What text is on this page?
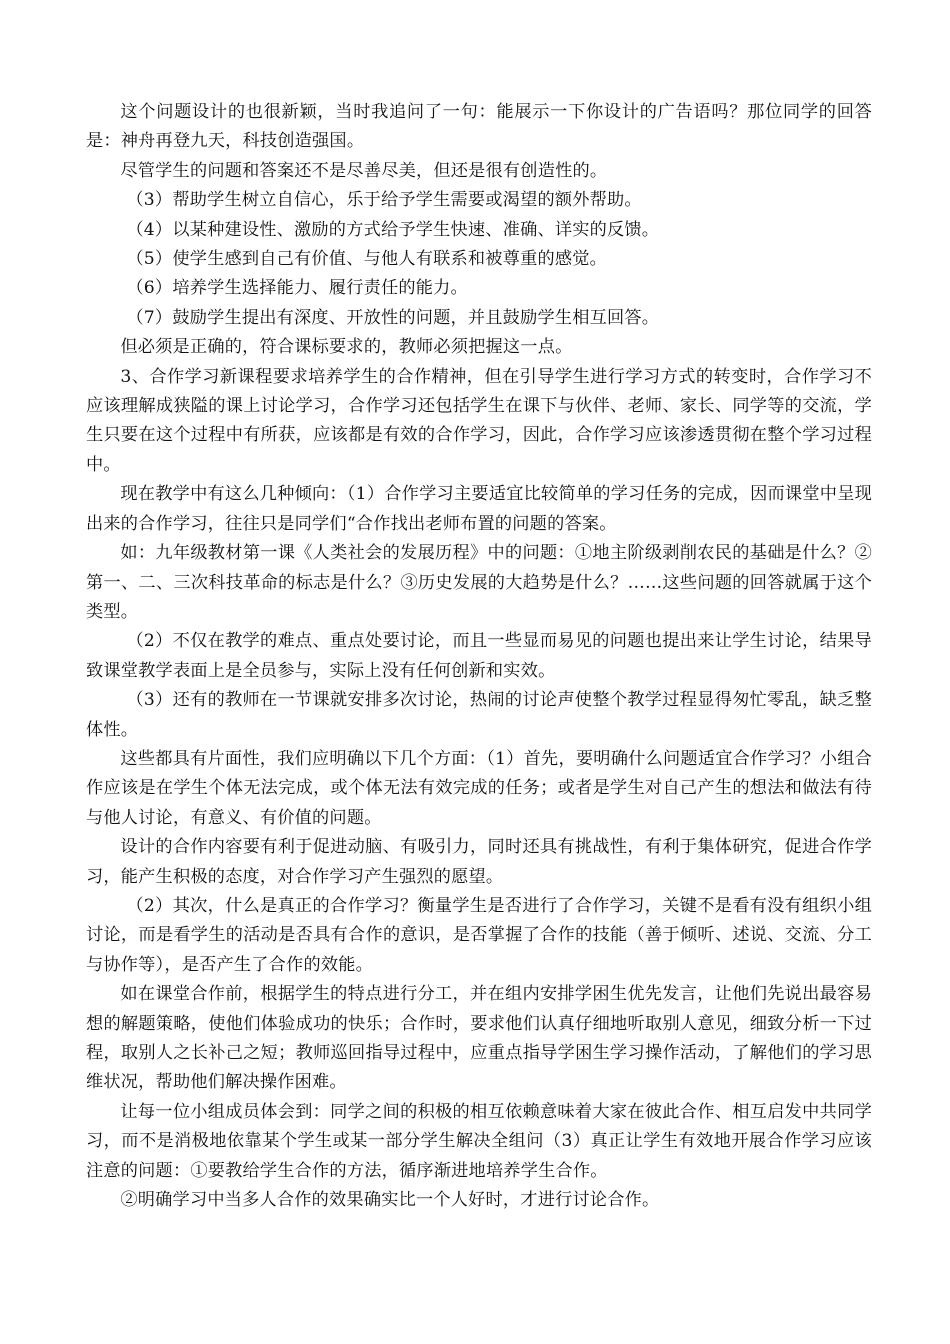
这个问题设计的也很新颖，当时我追问了一句：能展示一下你设计的广告语吗？那位同学的回答是：神舟再登九天，科技创造强国。

尽管学生的问题和答案还不是尽善尽美，但还是很有创造性的。

（3）帮助学生树立自信心，乐于给予学生需要或渴望的额外帮助。

（4）以某种建设性、激励的方式给予学生快速、准确、详实的反馈。

（5）使学生感到自己有价值、与他人有联系和被尊重的感觉。

（6）培养学生选择能力、履行责任的能力。

（7）鼓励学生提出有深度、开放性的问题，并且鼓励学生相互回答。

但必须是正确的，符合课标要求的，教师必须把握这一点。

3、合作学习新课程要求培养学生的合作精神，但在引导学生进行学习方式的转变时，合作学习不应该理解成狭隘的课上讨论学习，合作学习还包括学生在课下与伙伴、老师、家长、同学等的交流，学生只要在这个过程中有所获，应该都是有效的合作学习，因此，合作学习应该渗透贯彻在整个学习过程中。

现在教学中有这么几种倾向：（1）合作学习主要适宜比较简单的学习任务的完成，因而课堂中呈现出来的合作学习，往往只是同学们“合作找出老师布置的问题的答案。

如：九年级教材第一课《人类社会的发展历程》中的问题：①地主阶级剥削农民的基础是什么？②第一、二、三次科技革命的标志是什么？③历史发展的大趋势是什么？……这些问题的回答就属于这个类型。

（2）不仅在教学的难点、重点处要讨论，而且一些显而易见的问题也提出来让学生讨论，结果导致课堂教学表面上是全员参与，实际上没有任何创新和实效。

（3）还有的教师在一节课就安排多次讨论，热闹的讨论声使整个教学过程显得匆忙零乱，缺乏整体性。

这些都具有片面性，我们应明确以下几个方面：（1）首先，要明确什么问题适宜合作学习？小组合作应该是在学生个体无法完成，或个体无法有效完成的任务；或者是学生对自己产生的想法和做法有待与他人讨论，有意义、有价值的问题。

设计的合作内容要有利于促进动脑、有吸引力，同时还具有挑战性，有利于集体研究，促进合作学习，能产生积极的态度，对合作学习产生强烈的愿望。

（2）其次，什么是真正的合作学习？衡量学生是否进行了合作学习，关键不是看有没有组织小组讨论，而是看学生的活动是否具有合作的意识，是否掌握了合作的技能（善于倾听、述说、交流、分工与协作等），是否产生了合作的效能。

如在课堂合作前，根据学生的特点进行分工，并在组内安排学困生优先发言，让他们先说出最容易想的解题策略，使他们体验成功的快乐；合作时，要求他们认真仔细地听取别人意见，细致分析一下过程，取别人之长补己之短；教师巡回指导过程中，应重点指导学困生学习操作活动，了解他们的学习思维状况，帮助他们解决操作困难。

让每一位小组成员体会到：同学之间的积极的相互依赖意味着大家在彼此合作、相互启发中共同学习，而不是消极地依靠某个学生或某一部分学生解决全组问（3）真正让学生有效地开展合作学习应该注意的问题：①要教给学生合作的方法，循序渐进地培养学生合作。

②明确学习中当多人合作的效果确实比一个人好时，才进行讨论合作。
